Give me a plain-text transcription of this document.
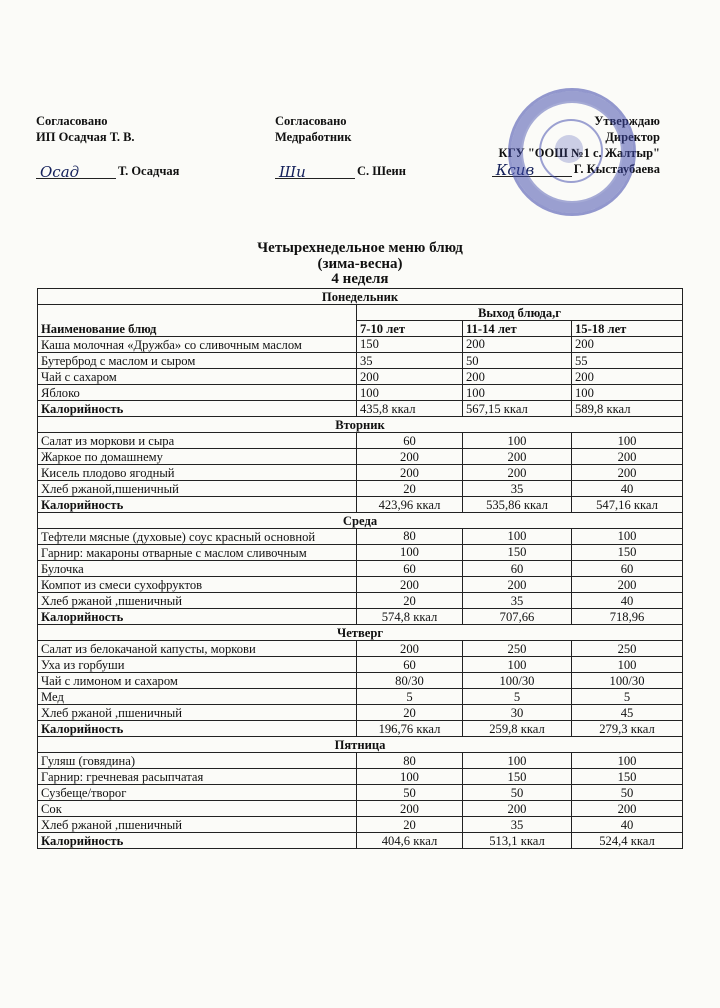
Согласовано
ИП Осадчая Т. В.
Осад	Т. Осадчая
Согласовано
Медработник
Шu	С. Шеин
Утверждаю
Директор
КГУ "ООШ №1 с. Жалтыр"
Ксив	Г. Кыстаубаева
Четырехнедельное меню блюд
(зима-весна)
4 неделя
Понедельник			
Наименование блюд	Выход блюда,г		
	7-10 лет	11-14 лет	15-18 лет
Каша молочная «Дружба» со сливочным маслом	150	200	200
Бутерброд с маслом и сыром	35	50	55
Чай с сахаром	200	200	200
Яблоко	100	100	100
Калорийность	435,8 ккал	567,15 ккал	589,8 ккал
Вторник			
Салат из моркови и сыра	60	100	100
Жаркое по домашнему	200	200	200
Кисель плодово ягодный	200	200	200
Хлеб ржаной,пшеничный	20	35	40
Калорийность	423,96 ккал	535,86 ккал	547,16 ккал
Среда			
Тефтели мясные (духовые) соус красный основной	80	100	100
Гарнир: макароны отварные с маслом сливочным	100	150	150
Булочка	60	60	60
Компот из смеси сухофруктов	200	200	200
Хлеб ржаной ,пшеничный	20	35	40
Калорийность	574,8 ккал	707,66	718,96
Четверг			
Салат из белокачаной капусты, моркови	200	250	250
Уха из горбуши	60	100	100
Чай с лимоном и сахаром	80/30	100/30	100/30
Мед	5	5	5
Хлеб ржаной ,пшеничный	20	30	45
Калорийность	196,76 ккал	259,8 ккал	279,3 ккал
Пятница			
Гуляш (говядина)	80	100	100
Гарнир: гречневая расыпчатая	100	150	150
Сузбеще/творог	50	50	50
Сок	200	200	200
Хлеб ржаной ,пшеничный	20	35	40
Калорийность	404,6 ккал	513,1 ккал	524,4 ккал
